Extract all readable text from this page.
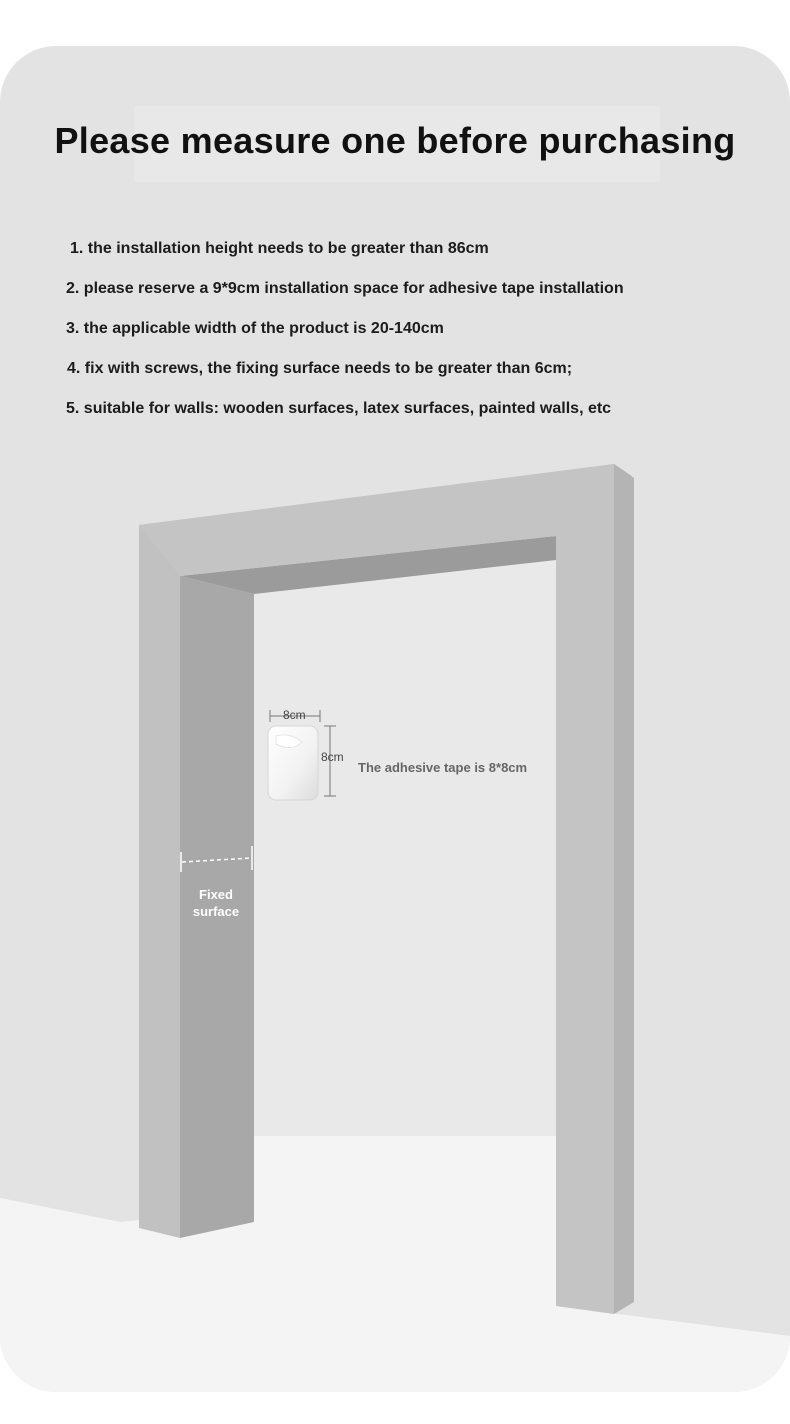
Please measure one before purchasing
1. the installation height needs to be greater than 86cm
2. please reserve a 9*9cm installation space for adhesive tape installation
3. the applicable width of the product is 20-140cm
4. fix with screws, the fixing surface needs to be greater than 6cm;
5. suitable for walls: wooden surfaces, latex surfaces, painted walls, etc
8cm
8cm
The adhesive tape is 8*8cm
Fixed
surface
